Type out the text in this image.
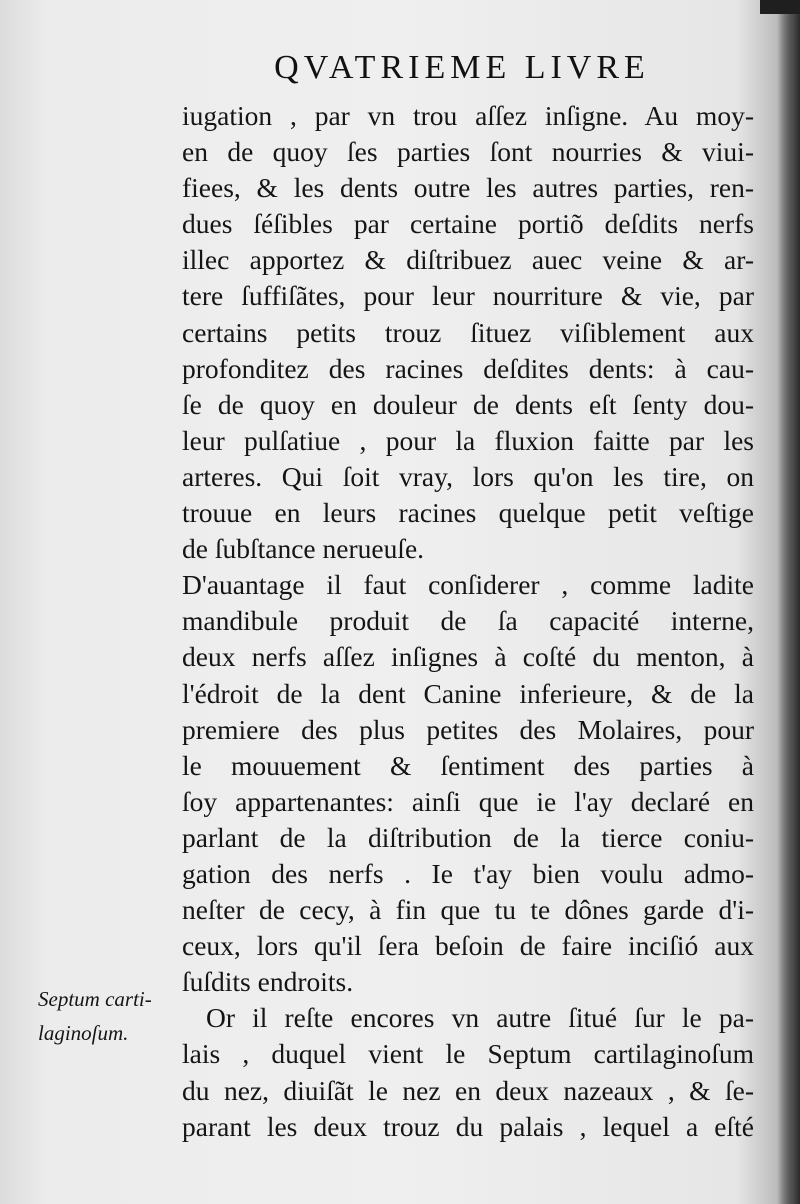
QVATRIEME LIVRE
iugation , par vn trou aſſez inſigne. Au moy-
en de quoy ſes parties ſont nourries & viui-
fiees, & les dents outre les autres parties, ren-
dues ſéſibles par certaine portiõ deſdits nerfs
illec apportez & diſtribuez auec veine & ar-
tere ſuffiſãtes, pour leur nourriture & vie, par
certains petits trouz ſituez viſiblement aux
profonditez des racines deſdites dents: à cau-
ſe de quoy en douleur de dents eſt ſenty dou-
leur pulſatiue , pour la fluxion faitte par les
arteres. Qui ſoit vray, lors qu'on les tire, on
trouue en leurs racines quelque petit veſtige
de ſubſtance nerueuſe.
D'auantage il faut conſiderer , comme ladite
mandibule produit de ſa capacité interne,
deux nerfs aſſez inſignes à coſté du menton, à
l'édroit de la dent Canine inferieure, & de la
premiere des plus petites des Molaires, pour
le mouuement & ſentiment des parties à
ſoy appartenantes: ainſi que ie l'ay declaré en
parlant de la diſtribution de la tierce coniu-
gation des nerfs . Ie t'ay bien voulu admo-
neſter de cecy, à fin que tu te dônes garde d'i-
ceux, lors qu'il ſera beſoin de faire inciſió aux
ſuſdits endroits.
Or il reſte encores vn autre ſitué ſur le pa-
lais , duquel vient le Septum cartilaginoſum
du nez, diuiſãt le nez en deux nazeaux , & ſe-
parant les deux trouz du palais , lequel a eſté
Septum carti-
laginoſum.
